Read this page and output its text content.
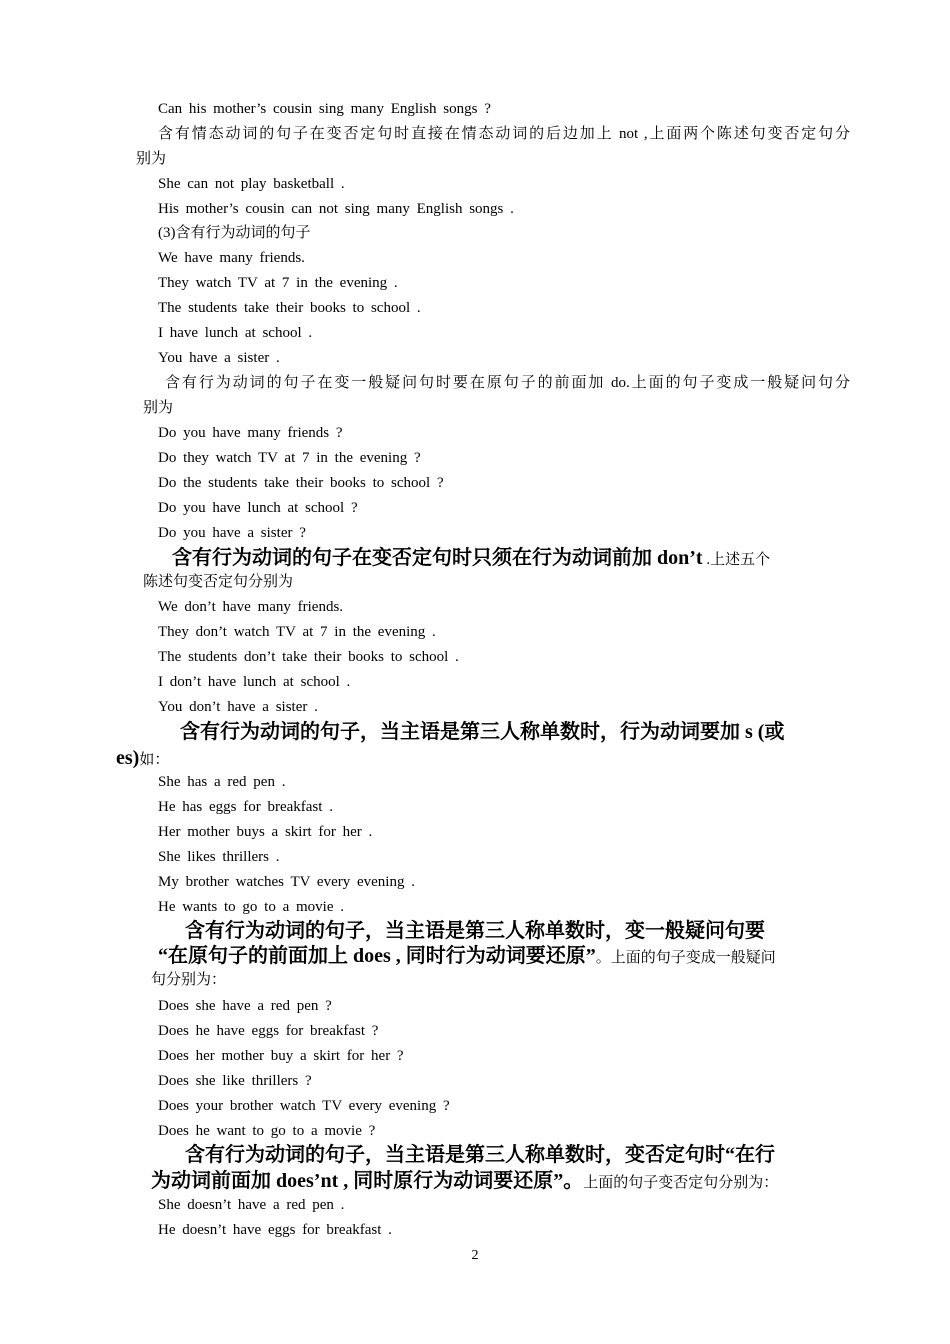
Can his mother’s cousin sing many English songs ?
含有情态动词的句子在变否定句时直接在情态动词的后边加上 not ,上面两个陈述句变否定句分
别为
She can not play basketball .
His mother’s cousin can not sing many English songs .
(3)含有行为动词的句子
We have many friends.
They watch TV at 7 in the evening .
The students take their books to school .
I have lunch at school .
You have a sister .
含有行为动词的句子在变一般疑问句时要在原句子的前面加 do.上面的句子变成一般疑问句分
别为
Do you have many friends ?
Do they watch TV at 7 in the evening ?
Do the students take their books to school ?
Do you have lunch at school ?
Do you have a sister ?
含有行为动词的句子在变否定句时只须在行为动词前加 don’t .上述五个
陈述句变否定句分别为
We don’t have many friends.
They don’t watch TV at 7 in the evening .
The students don’t take their books to school .
I don’t have lunch at school .
You don’t have a sister .
含有行为动词的句子，当主语是第三人称单数时，行为动词要加 s (或
es)如：
She has a red pen .
He has eggs for breakfast .
Her mother buys a skirt for her .
She likes thrillers .
My brother watches TV every evening .
He wants to go to a movie .
含有行为动词的句子，当主语是第三人称单数时，变一般疑问句要
“在原句子的前面加上 does , 同时行为动词要还原”。上面的句子变成一般疑问
句分别为：
Does she have a red pen ?
Does he have eggs for breakfast ?
Does her mother buy a skirt for her ?
Does she like thrillers ?
Does your brother watch TV every evening ?
Does he want to go to a movie ?
含有行为动词的句子，当主语是第三人称单数时，变否定句时“在行
为动词前面加 does’nt , 同时原行为动词要还原”。上面的句子变否定句分别为：
She doesn’t have a red pen .
He doesn’t have eggs for breakfast .
2
